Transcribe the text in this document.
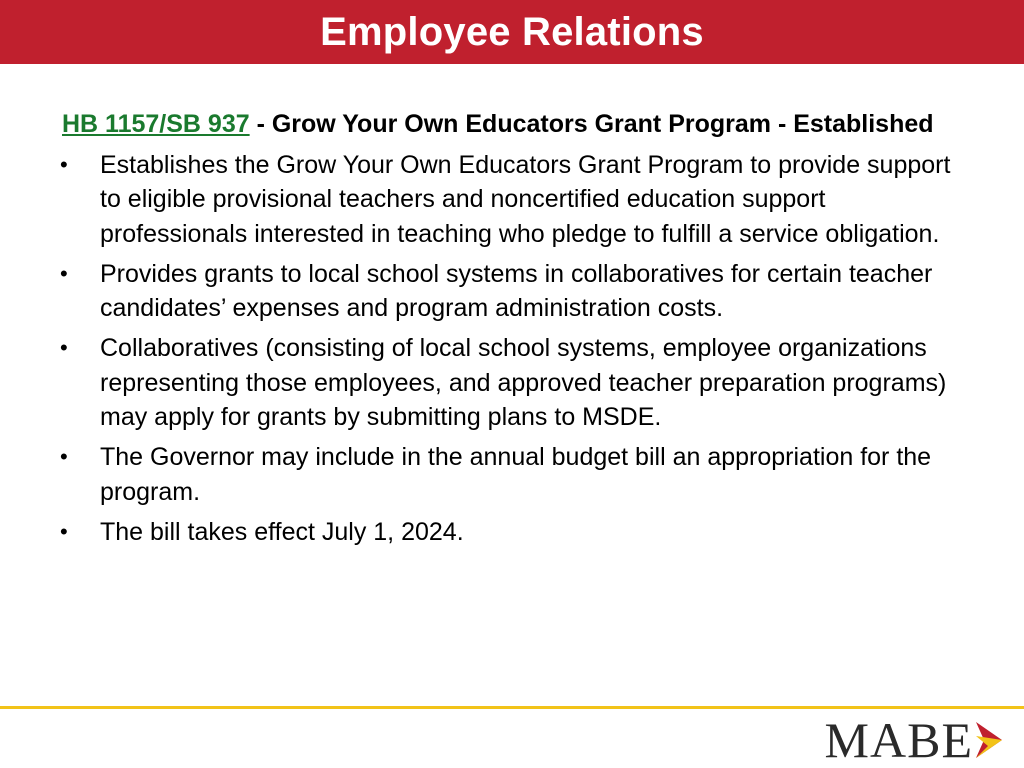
Employee Relations
HB 1157/SB 937 - Grow Your Own Educators Grant Program - Established
• Establishes the Grow Your Own Educators Grant Program to provide support to eligible provisional teachers and noncertified education support professionals interested in teaching who pledge to fulfill a service obligation.
• Provides grants to local school systems in collaboratives for certain teacher candidates’ expenses and program administration costs.
• Collaboratives (consisting of local school systems, employee organizations representing those employees, and approved teacher preparation programs) may apply for grants by submitting plans to MSDE.
• The Governor may include in the annual budget bill an appropriation for the program.
• The bill takes effect July 1, 2024.
MABE
